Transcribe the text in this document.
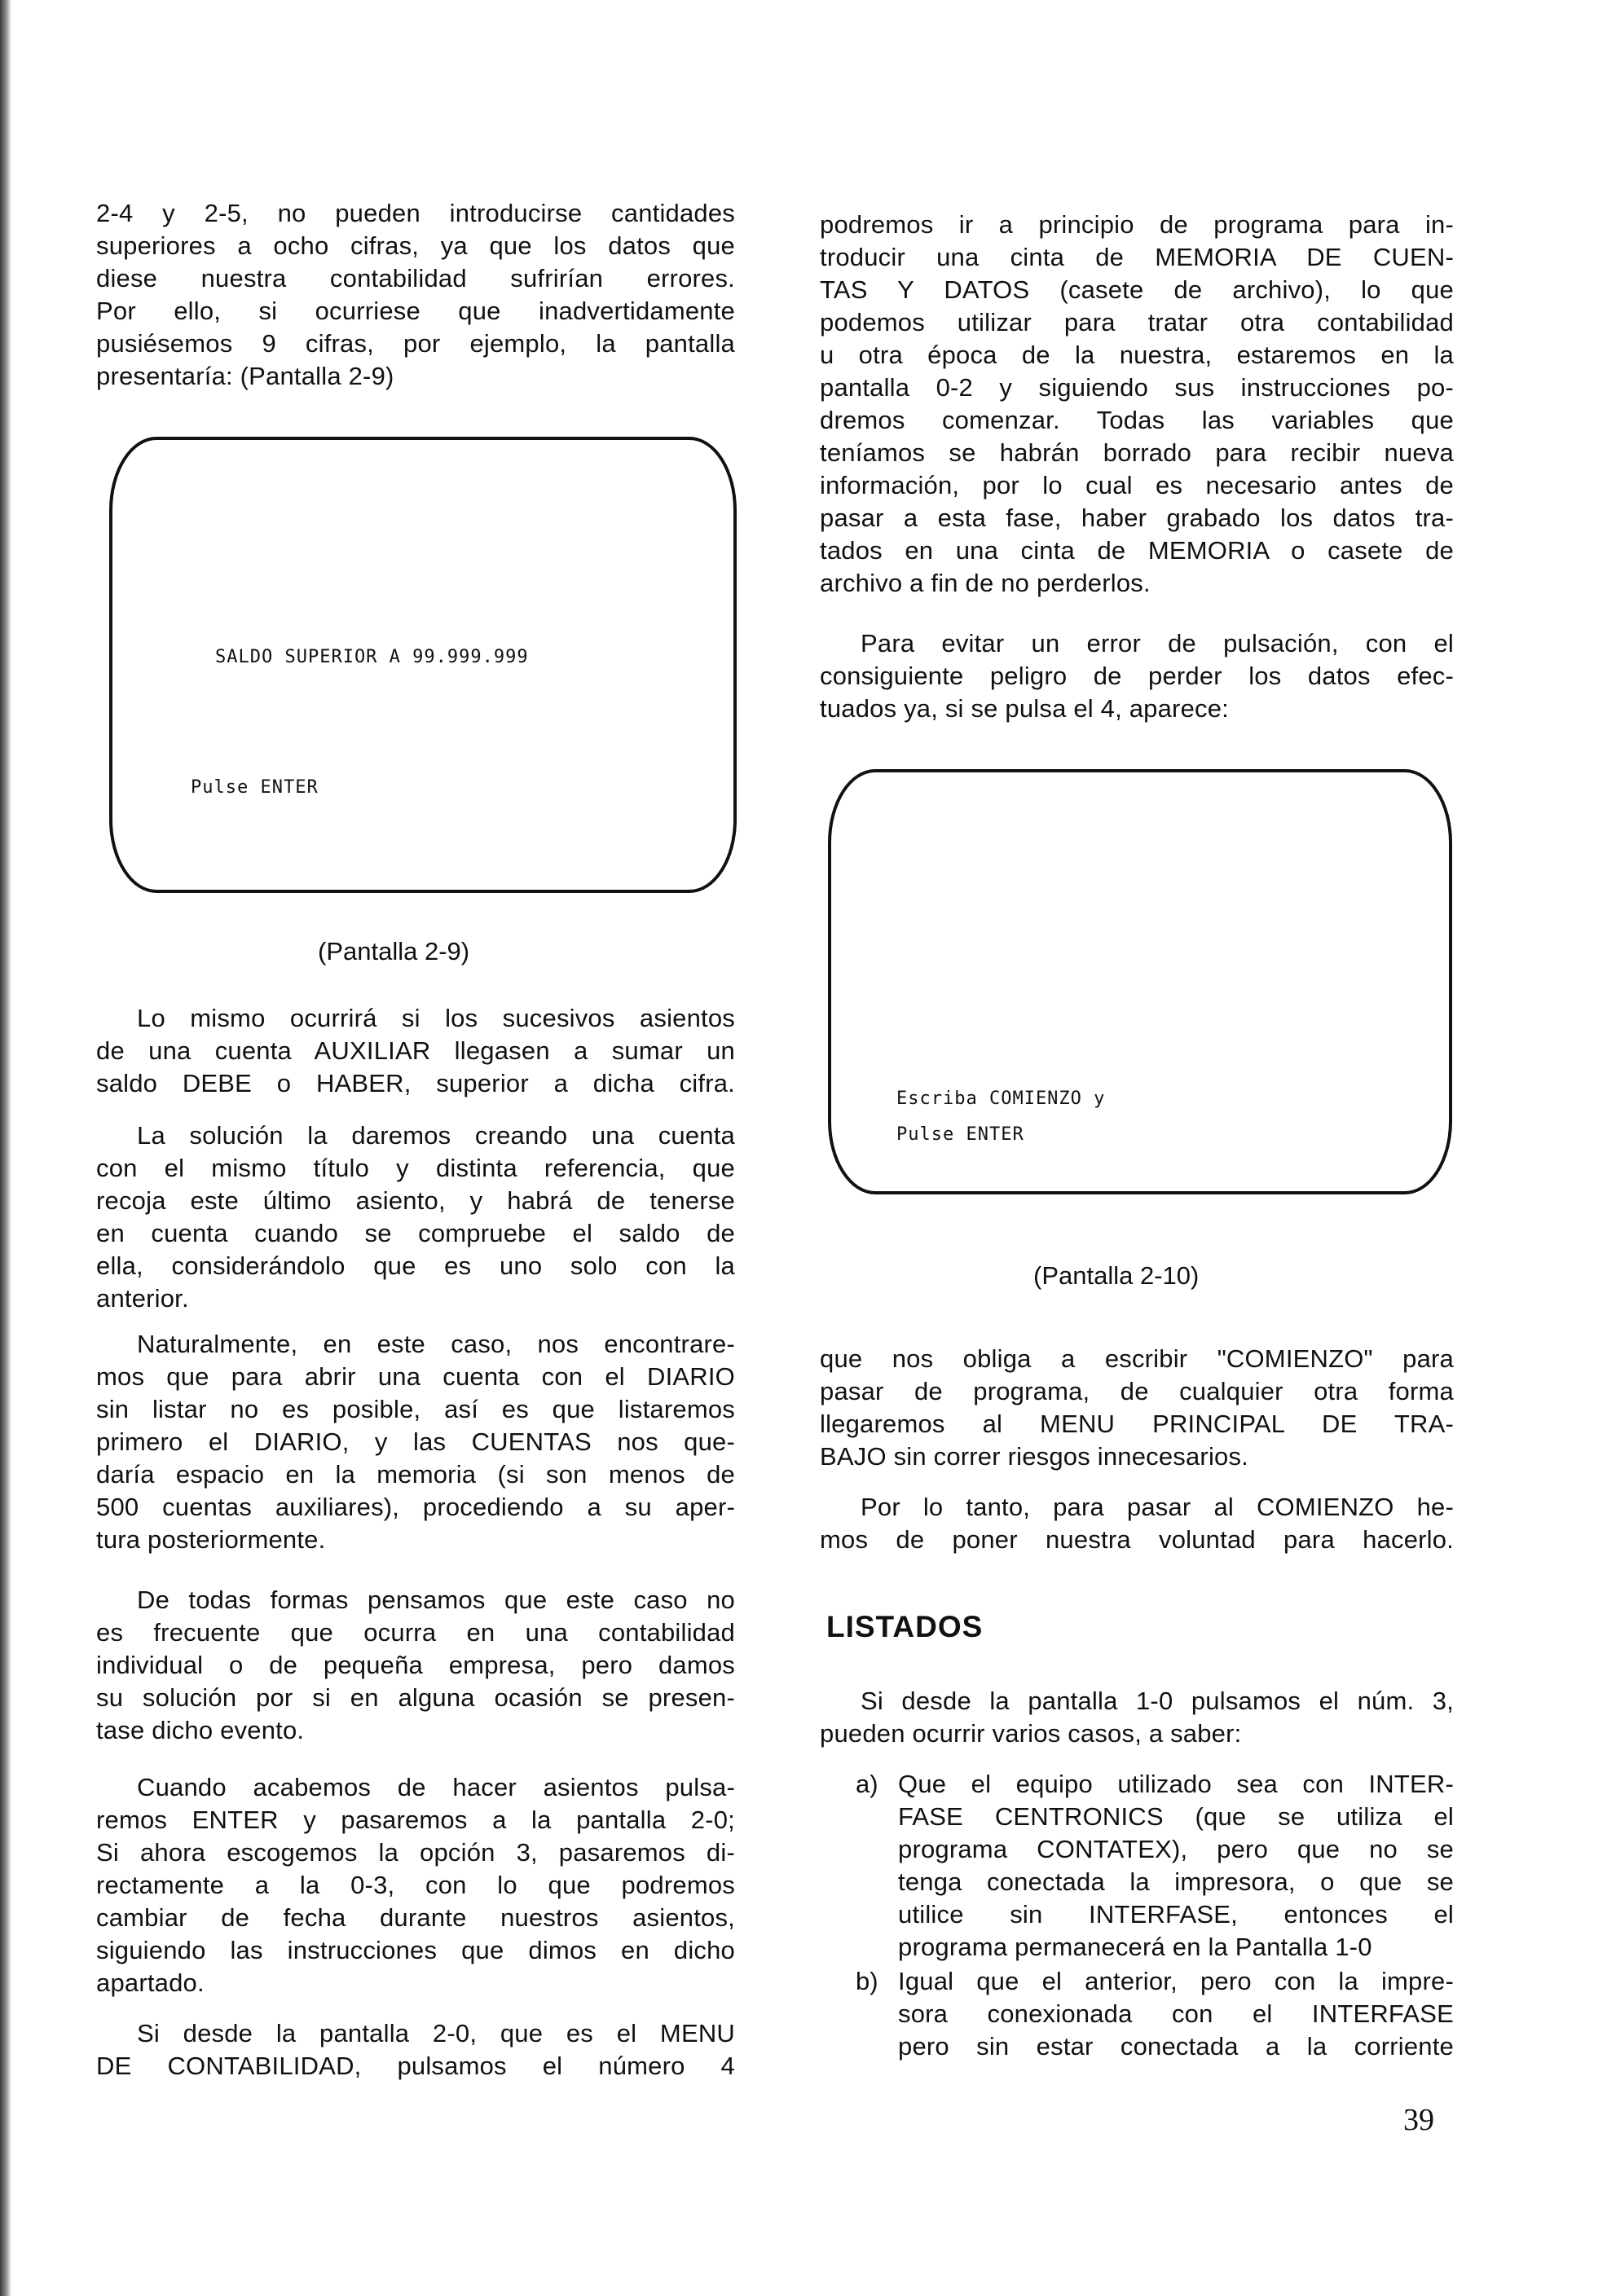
2-4 y 2-5, no pueden introducirse cantidades
superiores a ocho cifras, ya que los datos que
diese nuestra contabilidad sufrirían errores.
Por ello, si ocurriese que inadvertidamente
pusiésemos 9 cifras, por ejemplo, la pantalla
presentaría: (Pantalla 2-9)
SALDO SUPERIOR A 99.999.999
Pulse ENTER
(Pantalla 2-9)
Lo mismo ocurrirá si los sucesivos asientos
de una cuenta AUXILIAR llegasen a sumar un
saldo DEBE o HABER, superior a dicha cifra.
La solución la daremos creando una cuenta
con el mismo título y distinta referencia, que
recoja este último asiento, y habrá de tenerse
en cuenta cuando se compruebe el saldo de
ella, considerándolo que es uno solo con la
anterior.
Naturalmente, en este caso, nos encontrare-
mos que para abrir una cuenta con el DIARIO
sin listar no es posible, así es que listaremos
primero el DIARIO, y las CUENTAS nos que-
daría espacio en la memoria (si son menos de
500 cuentas auxiliares), procediendo a su aper-
tura posteriormente.
De todas formas pensamos que este caso no
es frecuente que ocurra en una contabilidad
individual o de pequeña empresa, pero damos
su solución por si en alguna ocasión se presen-
tase dicho evento.
Cuando acabemos de hacer asientos pulsa-
remos ENTER y pasaremos a la pantalla 2-0;
Si ahora escogemos la opción 3, pasaremos di-
rectamente a la 0-3, con lo que podremos
cambiar de fecha durante nuestros asientos,
siguiendo las instrucciones que dimos en dicho
apartado.
Si desde la pantalla 2-0, que es el MENU
DE CONTABILIDAD, pulsamos el número 4
podremos ir a principio de programa para in-
troducir una cinta de MEMORIA DE CUEN-
TAS Y DATOS (casete de archivo), lo que
podemos utilizar para tratar otra contabilidad
u otra época de la nuestra, estaremos en la
pantalla 0-2 y siguiendo sus instrucciones po-
dremos comenzar. Todas las variables que
teníamos se habrán borrado para recibir nueva
información, por lo cual es necesario antes de
pasar a esta fase, haber grabado los datos tra-
tados en una cinta de MEMORIA o casete de
archivo a fin de no perderlos.
Para evitar un error de pulsación, con el
consiguiente peligro de perder los datos efec-
tuados ya, si se pulsa el 4, aparece:
Escriba COMIENZO y
Pulse ENTER
(Pantalla 2-10)
que nos obliga a escribir "COMIENZO" para
pasar de programa, de cualquier otra forma
llegaremos al MENU PRINCIPAL DE TRA-
BAJO sin correr riesgos innecesarios.
Por lo tanto, para pasar al COMIENZO he-
mos de poner nuestra voluntad para hacerlo.
LISTADOS
Si desde la pantalla 1-0 pulsamos el núm. 3,
pueden ocurrir varios casos, a saber:
a) Que el equipo utilizado sea con INTER-
FASE CENTRONICS (que se utiliza el
programa CONTATEX), pero que no se
tenga conectada la impresora, o que se
utilice sin INTERFASE, entonces el
programa permanecerá en la Pantalla 1-0
b) Igual que el anterior, pero con la impre-
sora conexionada con el INTERFASE
pero sin estar conectada a la corriente
39
